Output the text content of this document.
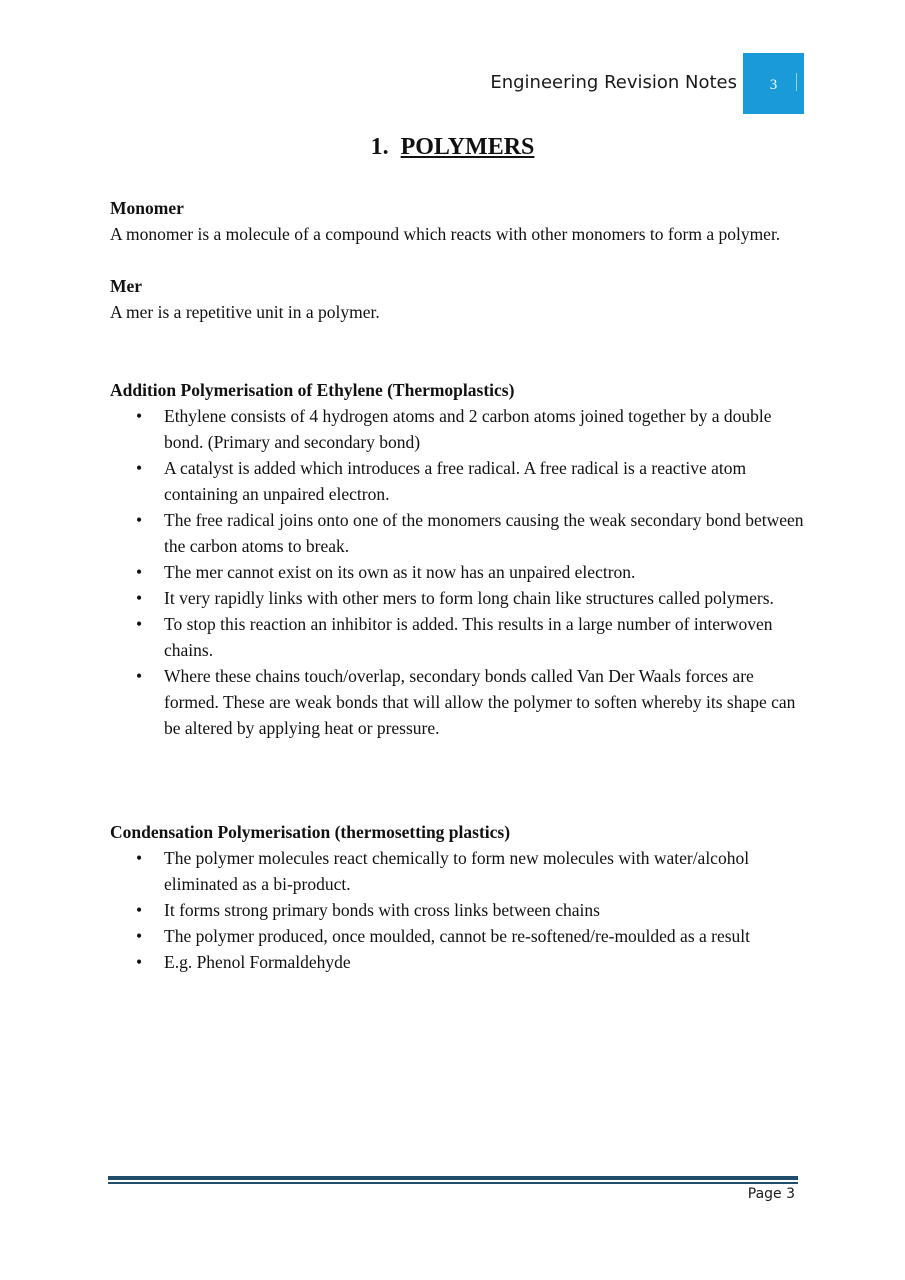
Engineering Revision Notes	3
1. POLYMERS

Monomer

A monomer is a molecule of a compound which reacts with other monomers to form a polymer.

Mer

A mer is a repetitive unit in a polymer.

Addition Polymerisation of Ethylene (Thermoplastics)

• Ethylene consists of 4 hydrogen atoms and 2 carbon atoms joined together by a double bond. (Primary and secondary bond)
• A catalyst is added which introduces a free radical. A free radical is a reactive atom containing an unpaired electron.
• The free radical joins onto one of the monomers causing the weak secondary bond between the carbon atoms to break.
• The mer cannot exist on its own as it now has an unpaired electron.
• It very rapidly links with other mers to form long chain like structures called polymers.
• To stop this reaction an inhibitor is added. This results in a large number of interwoven chains.
• Where these chains touch/overlap, secondary bonds called Van Der Waals forces are formed. These are weak bonds that will allow the polymer to soften whereby its shape can be altered by applying heat or pressure.

Condensation Polymerisation (thermosetting plastics)

• The polymer molecules react chemically to form new molecules with water/alcohol eliminated as a bi-product.
• It forms strong primary bonds with cross links between chains
• The polymer produced, once moulded, cannot be re-softened/re-moulded as a result
• E.g. Phenol Formaldehyde
Page 3
